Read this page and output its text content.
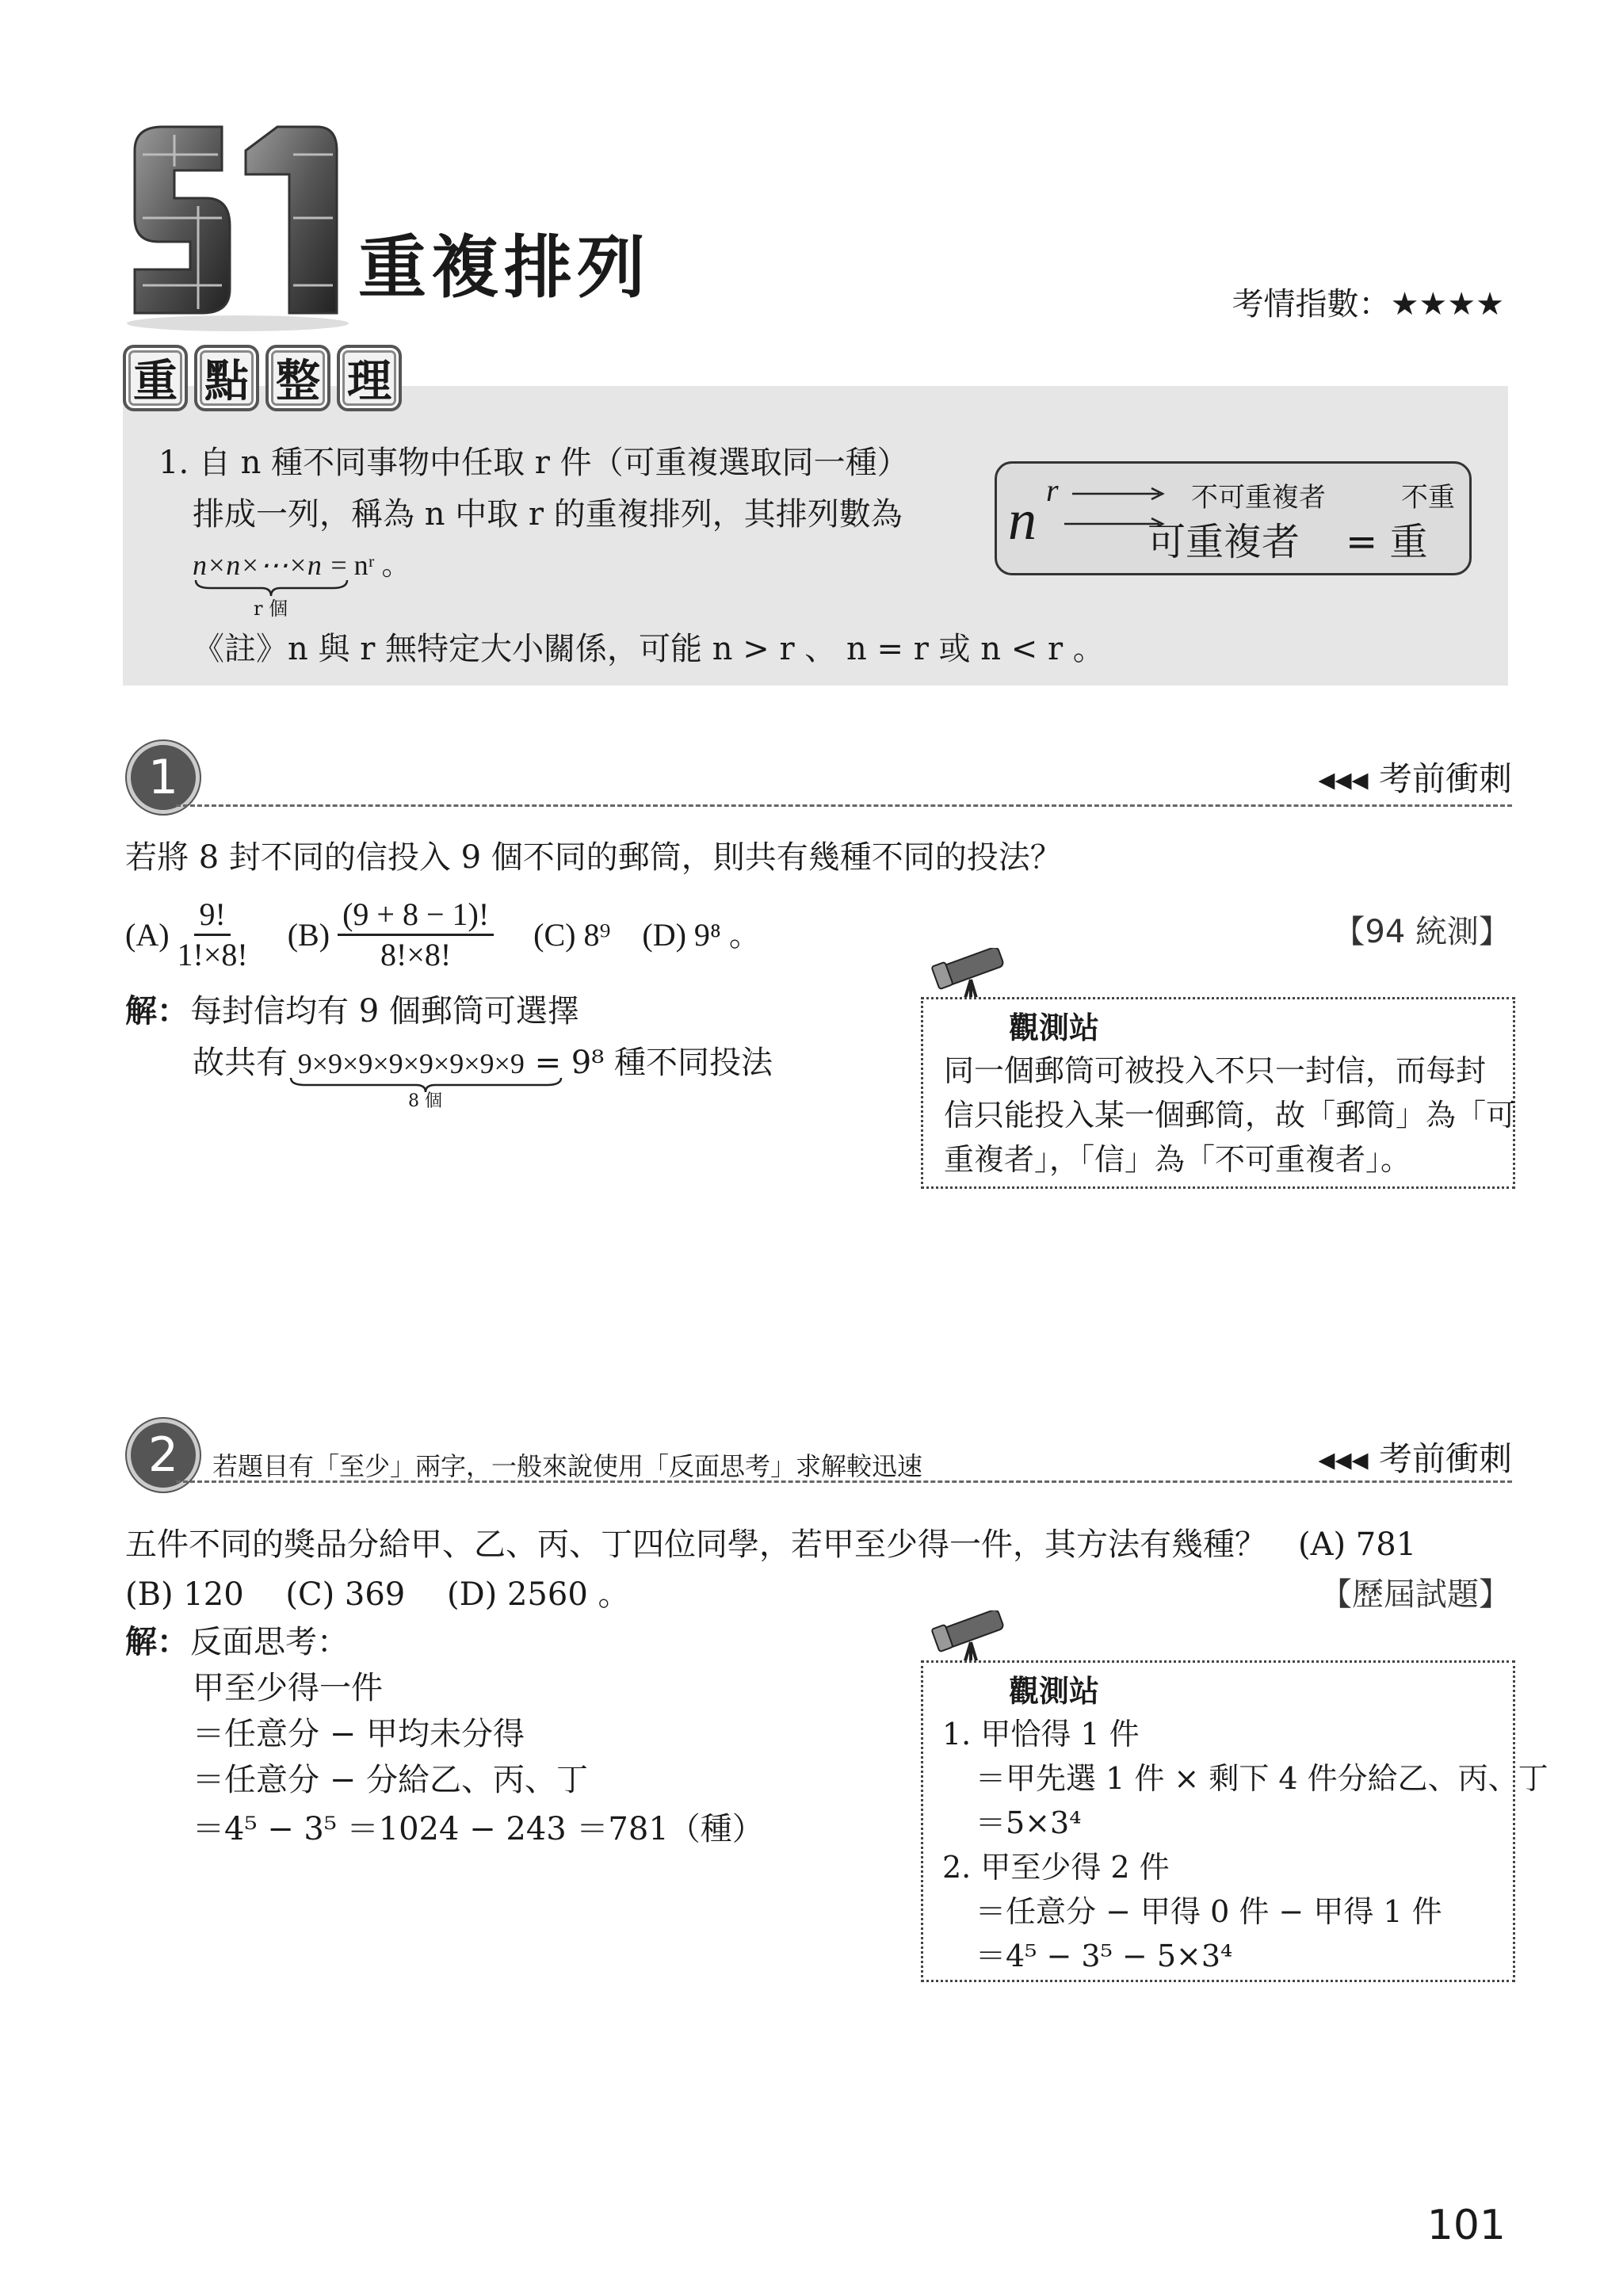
重複排列	考情指數：★★★★
重 點 整 理
1. 自 n 種不同事物中任取 r 件（可重複選取同一種）
排成一列，稱為 n 中取 r 的重複排列，其排列數為
n×n×⋯×n = nʳ 。
r 個
《註》n 與 r 無特定大小關係，可能 n > r 、 n = r 或 n < r 。
n r	不可重複者
可重複者
不重
= 重
1	◂◂◂ 考前衝刺
若將 8 封不同的信投入 9 個不同的郵筒，則共有幾種不同的投法？
$(A) \frac{9!}{1!\times 8!} (B) \frac{(9 + 8 - 1)!}{8!\times 8!} (C)$ 8⁹ (D) 9⁸ 。	【94 統測】
解： 每封信均有 9 個郵筒可選擇
故共有 9×9×9×9×9×9×9×9 = 9⁸ 種不同投法
8 個
觀測站
同一個郵筒可被投入不只一封信，而每封
信只能投入某一個郵筒，故「郵筒」為「可
重複者」，「信」為「不可重複者」。
2	若題目有「至少」兩字，一般來說使用「反面思考」求解較迅速	◂◂◂ 考前衝刺
五件不同的獎品分給甲、乙、丙、丁四位同學，若甲至少得一件，其方法有幾種？　(A) 781
(B) 120　 (C) 369　 (D) 2560 。	【歷屆試題】
解： 反面思考：
甲至少得一件
＝任意分 − 甲均未分得
＝任意分 − 分給乙、丙、丁
＝4⁵ − 3⁵ ＝1024 − 243 ＝781（種）
觀測站
1. 甲恰得 1 件
＝甲先選 1 件 × 剩下 4 件分給乙、丙、丁
＝5×3⁴
2. 甲至少得 2 件
＝任意分 − 甲得 0 件 − 甲得 1 件
＝4⁵ − 3⁵ − 5×3⁴
101
